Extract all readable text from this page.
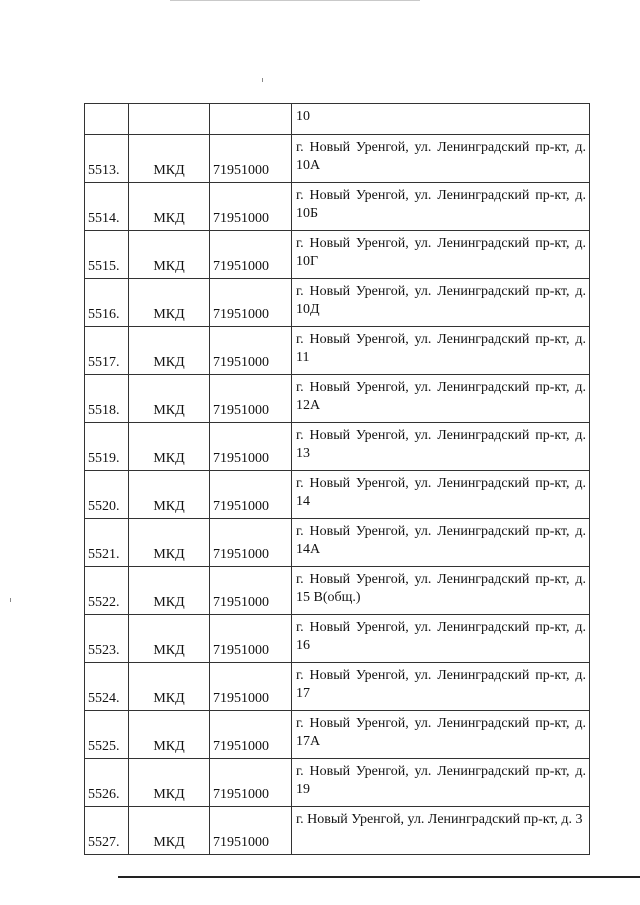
			10
5513.	МКД	71951000	г. Новый Уренгой, ул. Ленинградский пр-кт, д. 10А
5514.	МКД	71951000	г. Новый Уренгой, ул. Ленинградский пр-кт, д. 10Б
5515.	МКД	71951000	г. Новый Уренгой, ул. Ленинградский пр-кт, д. 10Г
5516.	МКД	71951000	г. Новый Уренгой, ул. Ленинградский пр-кт, д. 10Д
5517.	МКД	71951000	г. Новый Уренгой, ул. Ленинградский пр-кт, д. 11
5518.	МКД	71951000	г. Новый Уренгой, ул. Ленинградский пр-кт, д. 12А
5519.	МКД	71951000	г. Новый Уренгой, ул. Ленинградский пр-кт, д. 13
5520.	МКД	71951000	г. Новый Уренгой, ул. Ленинградский пр-кт, д. 14
5521.	МКД	71951000	г. Новый Уренгой, ул. Ленинградский пр-кт, д. 14А
5522.	МКД	71951000	г. Новый Уренгой, ул. Ленинградский пр-кт, д. 15 В(общ.)
5523.	МКД	71951000	г. Новый Уренгой, ул. Ленинградский пр-кт, д. 16
5524.	МКД	71951000	г. Новый Уренгой, ул. Ленинградский пр-кт, д. 17
5525.	МКД	71951000	г. Новый Уренгой, ул. Ленинградский пр-кт, д. 17А
5526.	МКД	71951000	г. Новый Уренгой, ул. Ленинградский пр-кт, д. 19
5527.	МКД	71951000	г. Новый Уренгой, ул. Ленинградский пр-кт, д. 3
